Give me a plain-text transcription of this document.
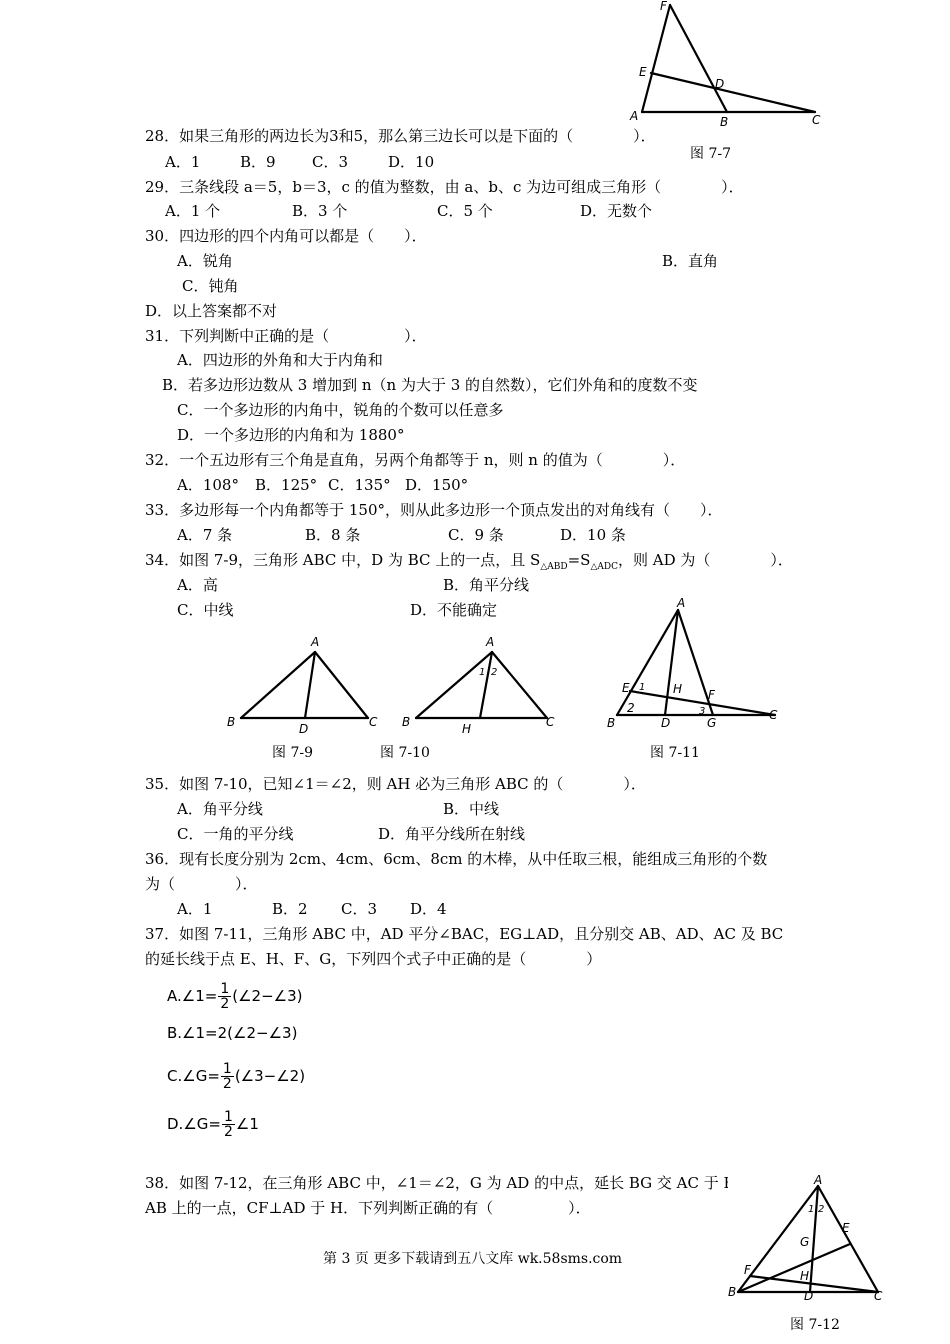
F
E
D
A	B	C
图 7-7
28．如果三角形的两边长为3和5，那么第三边长可以是下面的（　　　　）．
A．1	B．9 C．3	D．10
29．三条线段 a＝5，b＝3，c 的值为整数，由 a、b、c 为边可组成三角形（　　　　）．
A．1 个	B．3 个	C．5 个	D．无数个
30．四边形的四个内角可以都是（　　）．
A．锐角	B．直角
C．钝角
D．以上答案都不对
31．下列判断中正确的是（　　　　　）．
A．四边形的外角和大于内角和
B．若多边形边数从 3 增加到 n（n 为大于 3 的自然数），它们外角和的度数不变
C．一个多边形的内角中，锐角的个数可以任意多
D．一个多边形的内角和为 1880°
32．一个五边形有三个角是直角，另两个角都等于 n，则 n 的值为（　　　　）．
A．108° B．125° C．135° D．150°
33．多边形每一个内角都等于 150°，则从此多边形一个顶点发出的对角线有（　　）．
A．7 条	B．8 条	C．9 条	D．10 条
34．如图 7-9，三角形 ABC 中，D 为 BC 上的一点，且 $S_{\triangle ABD}=S_{\triangle ADC}$，则 AD 为（　　　　）．
A．高	B．角平分线
C．中线	D．不能确定
A
B	D	C
图 7-9
A
1 2
B	H	C
图 7-10
A
E 1 H F
2
B	D
3
G
C
图 7-11
35．如图 7-10，已知∠1＝∠2，则 AH 必为三角形 ABC 的（　　　　）．
A．角平分线	B．中线
C．一角的平分线	D．角平分线所在射线
36．现有长度分别为 2cm、4cm、6cm、8cm 的木棒，从中任取三根，能组成三角形的个数
为（　　　　）．
A．1	B．2 C．3 D．4
37．如图 7-11，三角形 ABC 中，AD 平分∠BAC，EG⊥AD，且分别交 AB、AD、AC 及 BC
的延长线于点 E、H、F、G，下列四个式子中正确的是（　　　　）
A.∠1= $\frac{1}{2}$ (∠2−∠3)
B.∠1=2(∠2−∠3)
C.∠G= $\frac{1}{2}$ (∠3−∠2)
D.∠G= $\frac{1}{2}$ ∠1
38．如图 7-12，在三角形 ABC 中，∠1＝∠2，G 为 AD 的中点，延长 BG 交 AC 于 E，F 为
AB 上的一点，CF⊥AD 于 H．下列判断正确的有（　　　　　）．
A
1 2
E
G
H
F
B	D	C
图 7-12
第 3 页 更多下载请到五八文库 wk.58sms.com
